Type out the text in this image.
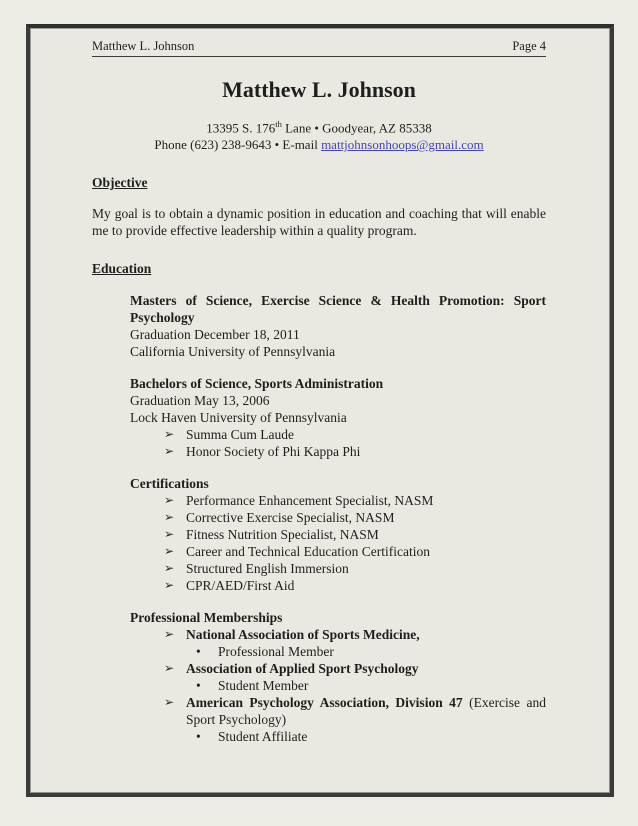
Matthew L. Johnson	Page 4
Matthew L. Johnson
13395 S. 176th Lane • Goodyear, AZ 85338
Phone (623) 238-9643 • E-mail mattjohnsonhoops@gmail.com
Objective
My goal is to obtain a dynamic position in education and coaching that will enable me to provide effective leadership within a quality program.
Education
Masters of Science, Exercise Science & Health Promotion: Sport Psychology
Graduation December 18, 2011
California University of Pennsylvania
Bachelors of Science, Sports Administration
Graduation May 13, 2006
Lock Haven University of Pennsylvania
➢ Summa Cum Laude
➢ Honor Society of Phi Kappa Phi
Certifications
➢ Performance Enhancement Specialist, NASM
➢ Corrective Exercise Specialist, NASM
➢ Fitness Nutrition Specialist, NASM
➢ Career and Technical Education Certification
➢ Structured English Immersion
➢ CPR/AED/First Aid
Professional Memberships
➢ National Association of Sports Medicine,
•	Professional Member
➢ Association of Applied Sport Psychology
•	Student Member
➢ American Psychology Association, Division 47 (Exercise and Sport Psychology)
•	Student Affiliate
